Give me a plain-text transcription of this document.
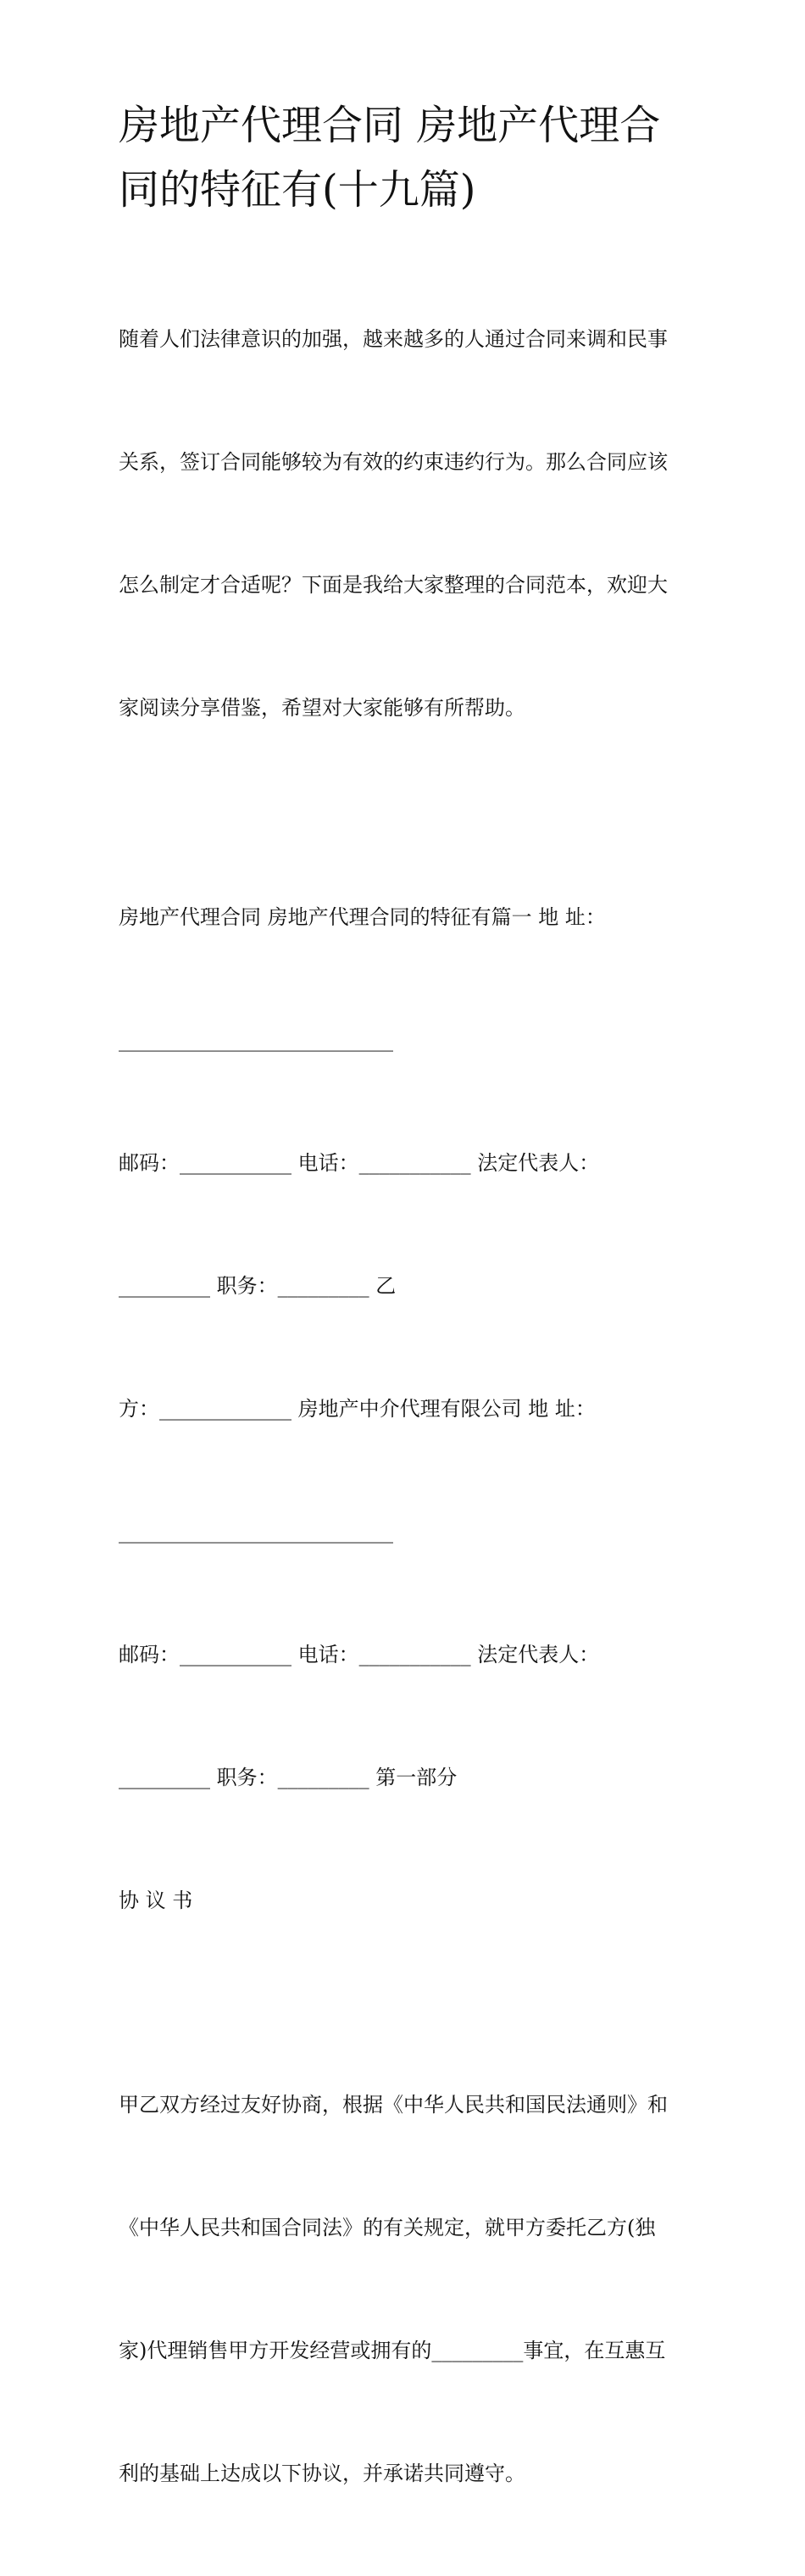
房地产代理合同 房地产代理合
同的特征有(十九篇)

随着人们法律意识的加强，越来越多的人通过合同来调和民事

关系，签订合同能够较为有效的约束违约行为。那么合同应该

怎么制定才合适呢？下面是我给大家整理的合同范本，欢迎大

家阅读分享借鉴，希望对大家能够有所帮助。

房地产代理合同 房地产代理合同的特征有篇一 地 址：

___________________________

邮码：___________ 电话：___________ 法定代表人：

_________ 职务：_________ 乙

方：_____________ 房地产中介代理有限公司 地 址：

___________________________

邮码：___________ 电话：___________ 法定代表人：

_________ 职务：_________ 第一部分

协 议 书

甲乙双方经过友好协商，根据《中华人民共和国民法通则》和

《中华人民共和国合同法》的有关规定，就甲方委托乙方(独

家)代理销售甲方开发经营或拥有的_________事宜，在互惠互

利的基础上达成以下协议，并承诺共同遵守。
